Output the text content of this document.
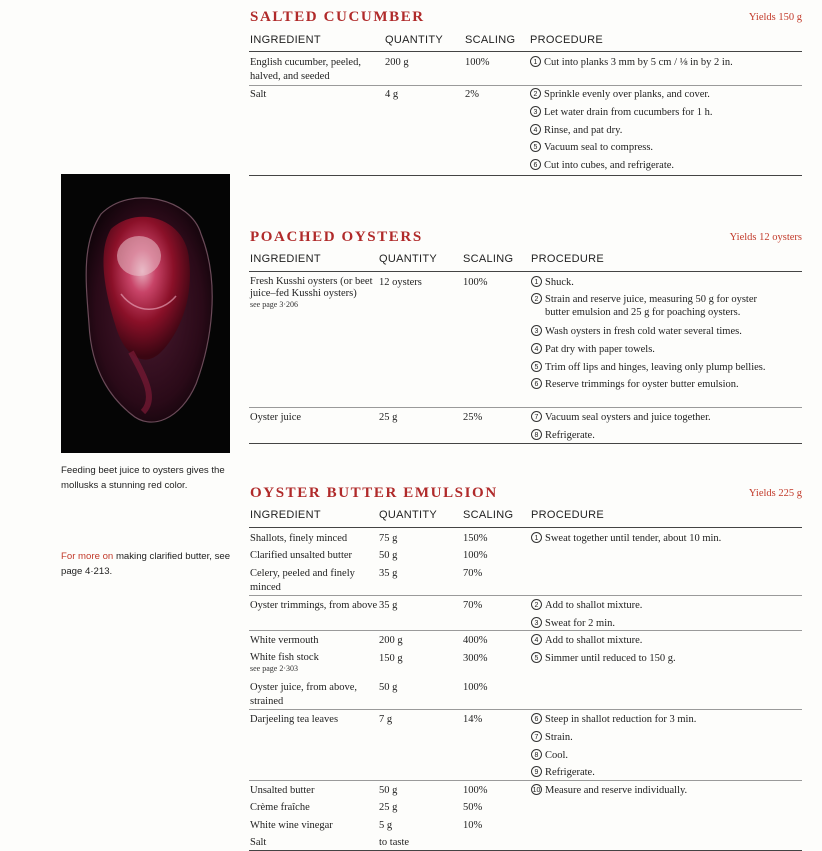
Feeding beet juice to oysters gives the mollusks a stunning red color.
For more on making clarified butter, see page 4·213.
SALTED CUCUMBER	Yields 150 g
INGREDIENT	QUANTITY SCALING PROCEDURE
English cucumber, peeled, halved, and seeded
200 g	100%	1 Cut into planks 3 mm by 5 cm / ⅛ in by 2 in.
Salt	4 g	2%	2 Sprinkle evenly over planks, and cover.
3 Let water drain from cucumbers for 1 h.
4 Rinse, and pat dry.
5 Vacuum seal to compress.
6 Cut into cubes, and refrigerate.
POACHED OYSTERS	Yields 12 oysters
INGREDIENT	QUANTITY SCALING PROCEDURE
Fresh Kusshi oysters (or beet juice–fed Kusshi oysters)
see page 3·206
12 oysters	100%	1 Shuck.
2 Strain and reserve juice, measuring 50 g for oyster
butter emulsion and 25 g for poaching oysters.
3 Wash oysters in fresh cold water several times.
4 Pat dry with paper towels.
5 Trim off lips and hinges, leaving only plump bellies.
6 Reserve trimmings for oyster butter emulsion.
Oyster juice	25 g	25%	7 Vacuum seal oysters and juice together.
8 Refrigerate.
OYSTER BUTTER EMULSION	Yields 225 g
INGREDIENT	QUANTITY SCALING PROCEDURE
Shallots, finely minced	75 g	150%	1 Sweat together until tender, about 10 min.
Clarified unsalted butter	50 g	100%
Celery, peeled and finely minced
35 g	70%
Oyster trimmings, from above 35 g	70%	2 Add to shallot mixture.
3 Sweat for 2 min.
White vermouth	200 g	400%	4 Add to shallot mixture.
White fish stock
see page 2·303
150 g	300%	5 Simmer until reduced to 150 g.
Oyster juice, from above, strained
50 g	100%
Darjeeling tea leaves	7 g	14%	6 Steep in shallot reduction for 3 min.
7 Strain.
8 Cool.
9 Refrigerate.
Unsalted butter	50 g	100%	10 Measure and reserve individually.
Crème fraîche	25 g	50%
White wine vinegar	5 g	10%
Salt	to taste
